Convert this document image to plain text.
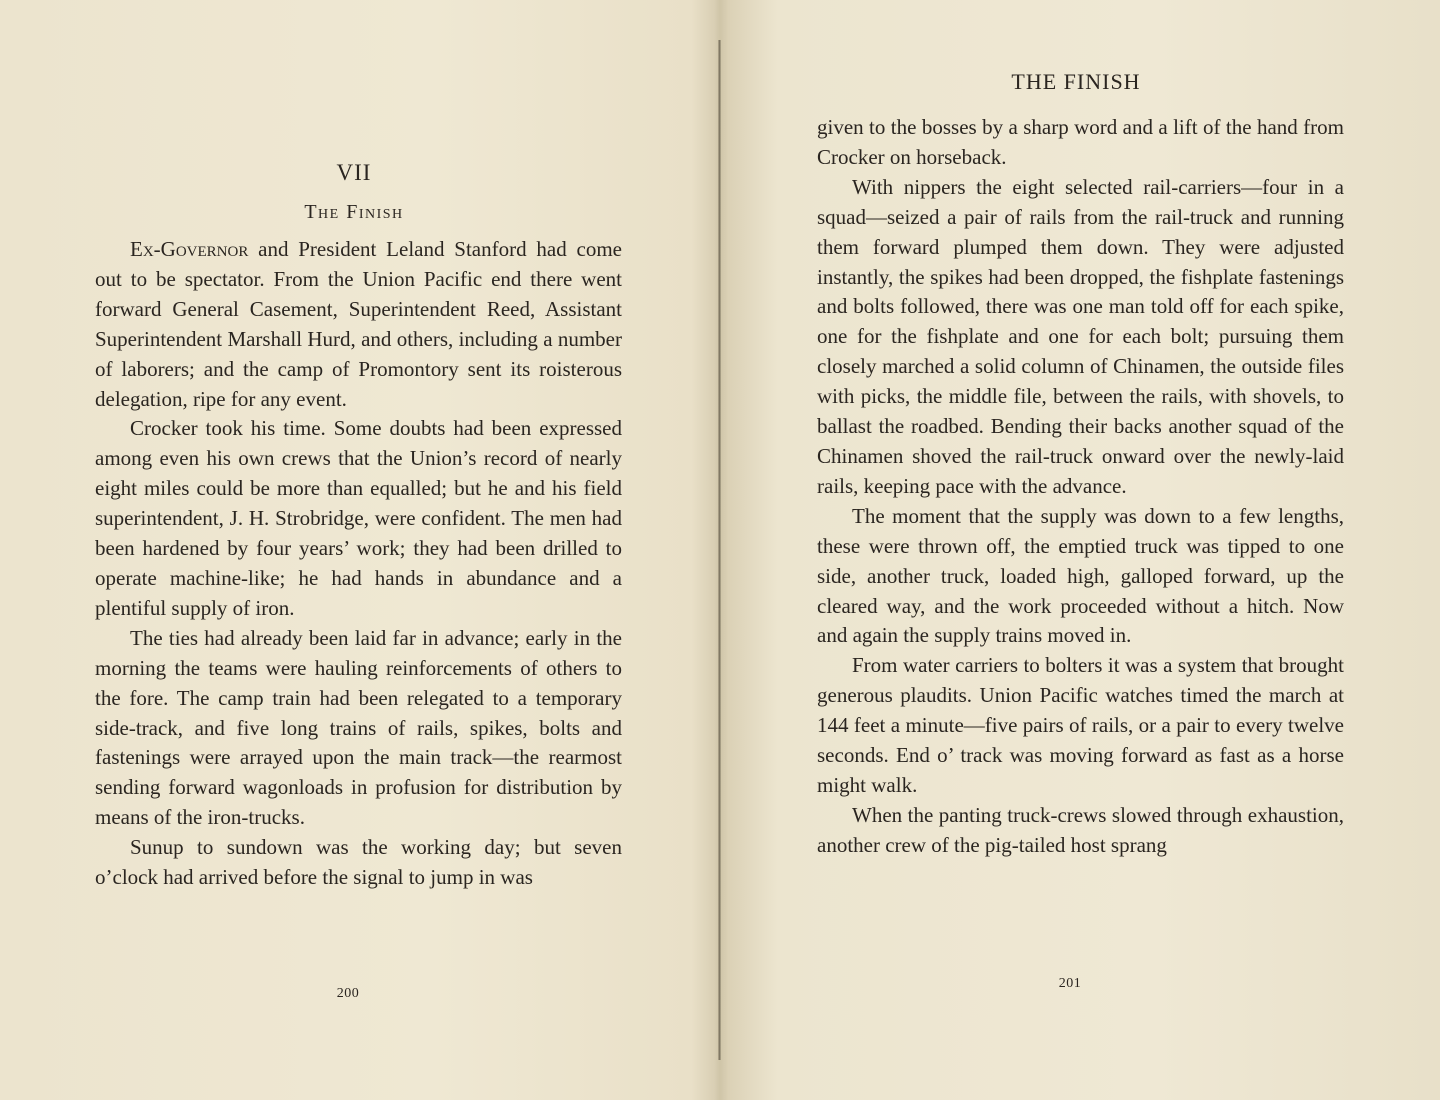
VII
The Finish

Ex-Governor and President Leland Stanford had come out to be spectator. From the Union Pacific end there went forward General Casement, Superintendent Reed, Assistant Superintendent Marshall Hurd, and others, including a number of laborers; and the camp of Promontory sent its roisterous delegation, ripe for any event.

Crocker took his time. Some doubts had been expressed among even his own crews that the Union’s record of nearly eight miles could be more than equalled; but he and his field superintendent, J. H. Strobridge, were confident. The men had been hardened by four years’ work; they had been drilled to operate machine-like; he had hands in abundance and a plentiful supply of iron.

The ties had already been laid far in advance; early in the morning the teams were hauling reinforcements of others to the fore. The camp train had been relegated to a temporary side-track, and five long trains of rails, spikes, bolts and fastenings were arrayed upon the main track—the rearmost sending forward wagonloads in profusion for distribution by means of the iron-trucks.

Sunup to sundown was the working day; but seven o’clock had arrived before the signal to jump in was

200
THE FINISH

given to the bosses by a sharp word and a lift of the hand from Crocker on horseback.

With nippers the eight selected rail-carriers—four in a squad—seized a pair of rails from the rail-truck and running them forward plumped them down. They were adjusted instantly, the spikes had been dropped, the fishplate fastenings and bolts followed, there was one man told off for each spike, one for the fishplate and one for each bolt; pursuing them closely marched a solid column of Chinamen, the outside files with picks, the middle file, between the rails, with shovels, to ballast the roadbed. Bending their backs another squad of the Chinamen shoved the rail-truck onward over the newly-laid rails, keeping pace with the advance.

The moment that the supply was down to a few lengths, these were thrown off, the emptied truck was tipped to one side, another truck, loaded high, galloped forward, up the cleared way, and the work proceeded without a hitch. Now and again the supply trains moved in.

From water carriers to bolters it was a system that brought generous plaudits. Union Pacific watches timed the march at 144 feet a minute—five pairs of rails, or a pair to every twelve seconds. End o’ track was moving forward as fast as a horse might walk.

When the panting truck-crews slowed through exhaustion, another crew of the pig-tailed host sprang

201
